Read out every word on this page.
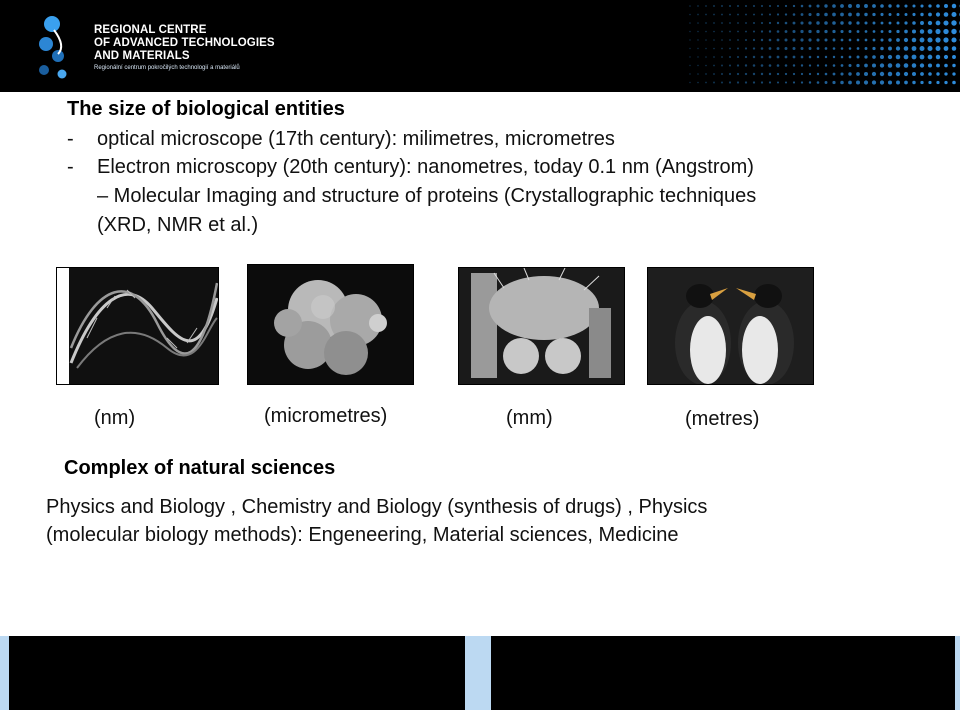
REGIONAL CENTRE
OF ADVANCED TECHNOLOGIES
AND MATERIALS
Regionální centrum pokročilých technologií a materiálů
The size of biological entities
- optical microscope (17th century): milimetres, micrometres
- Electron microscopy (20th century): nanometres, today 0.1 nm (Angstrom)
– Molecular Imaging and structure of proteins (Crystallographic techniques
(XRD, NMR et al.)
(nm)	(micrometres)	(mm)	(metres)
Complex of natural sciences
Physics and Biology , Chemistry and Biology (synthesis of drugs) , Physics
(molecular biology methods): Engeneering, Material sciences, Medicine
